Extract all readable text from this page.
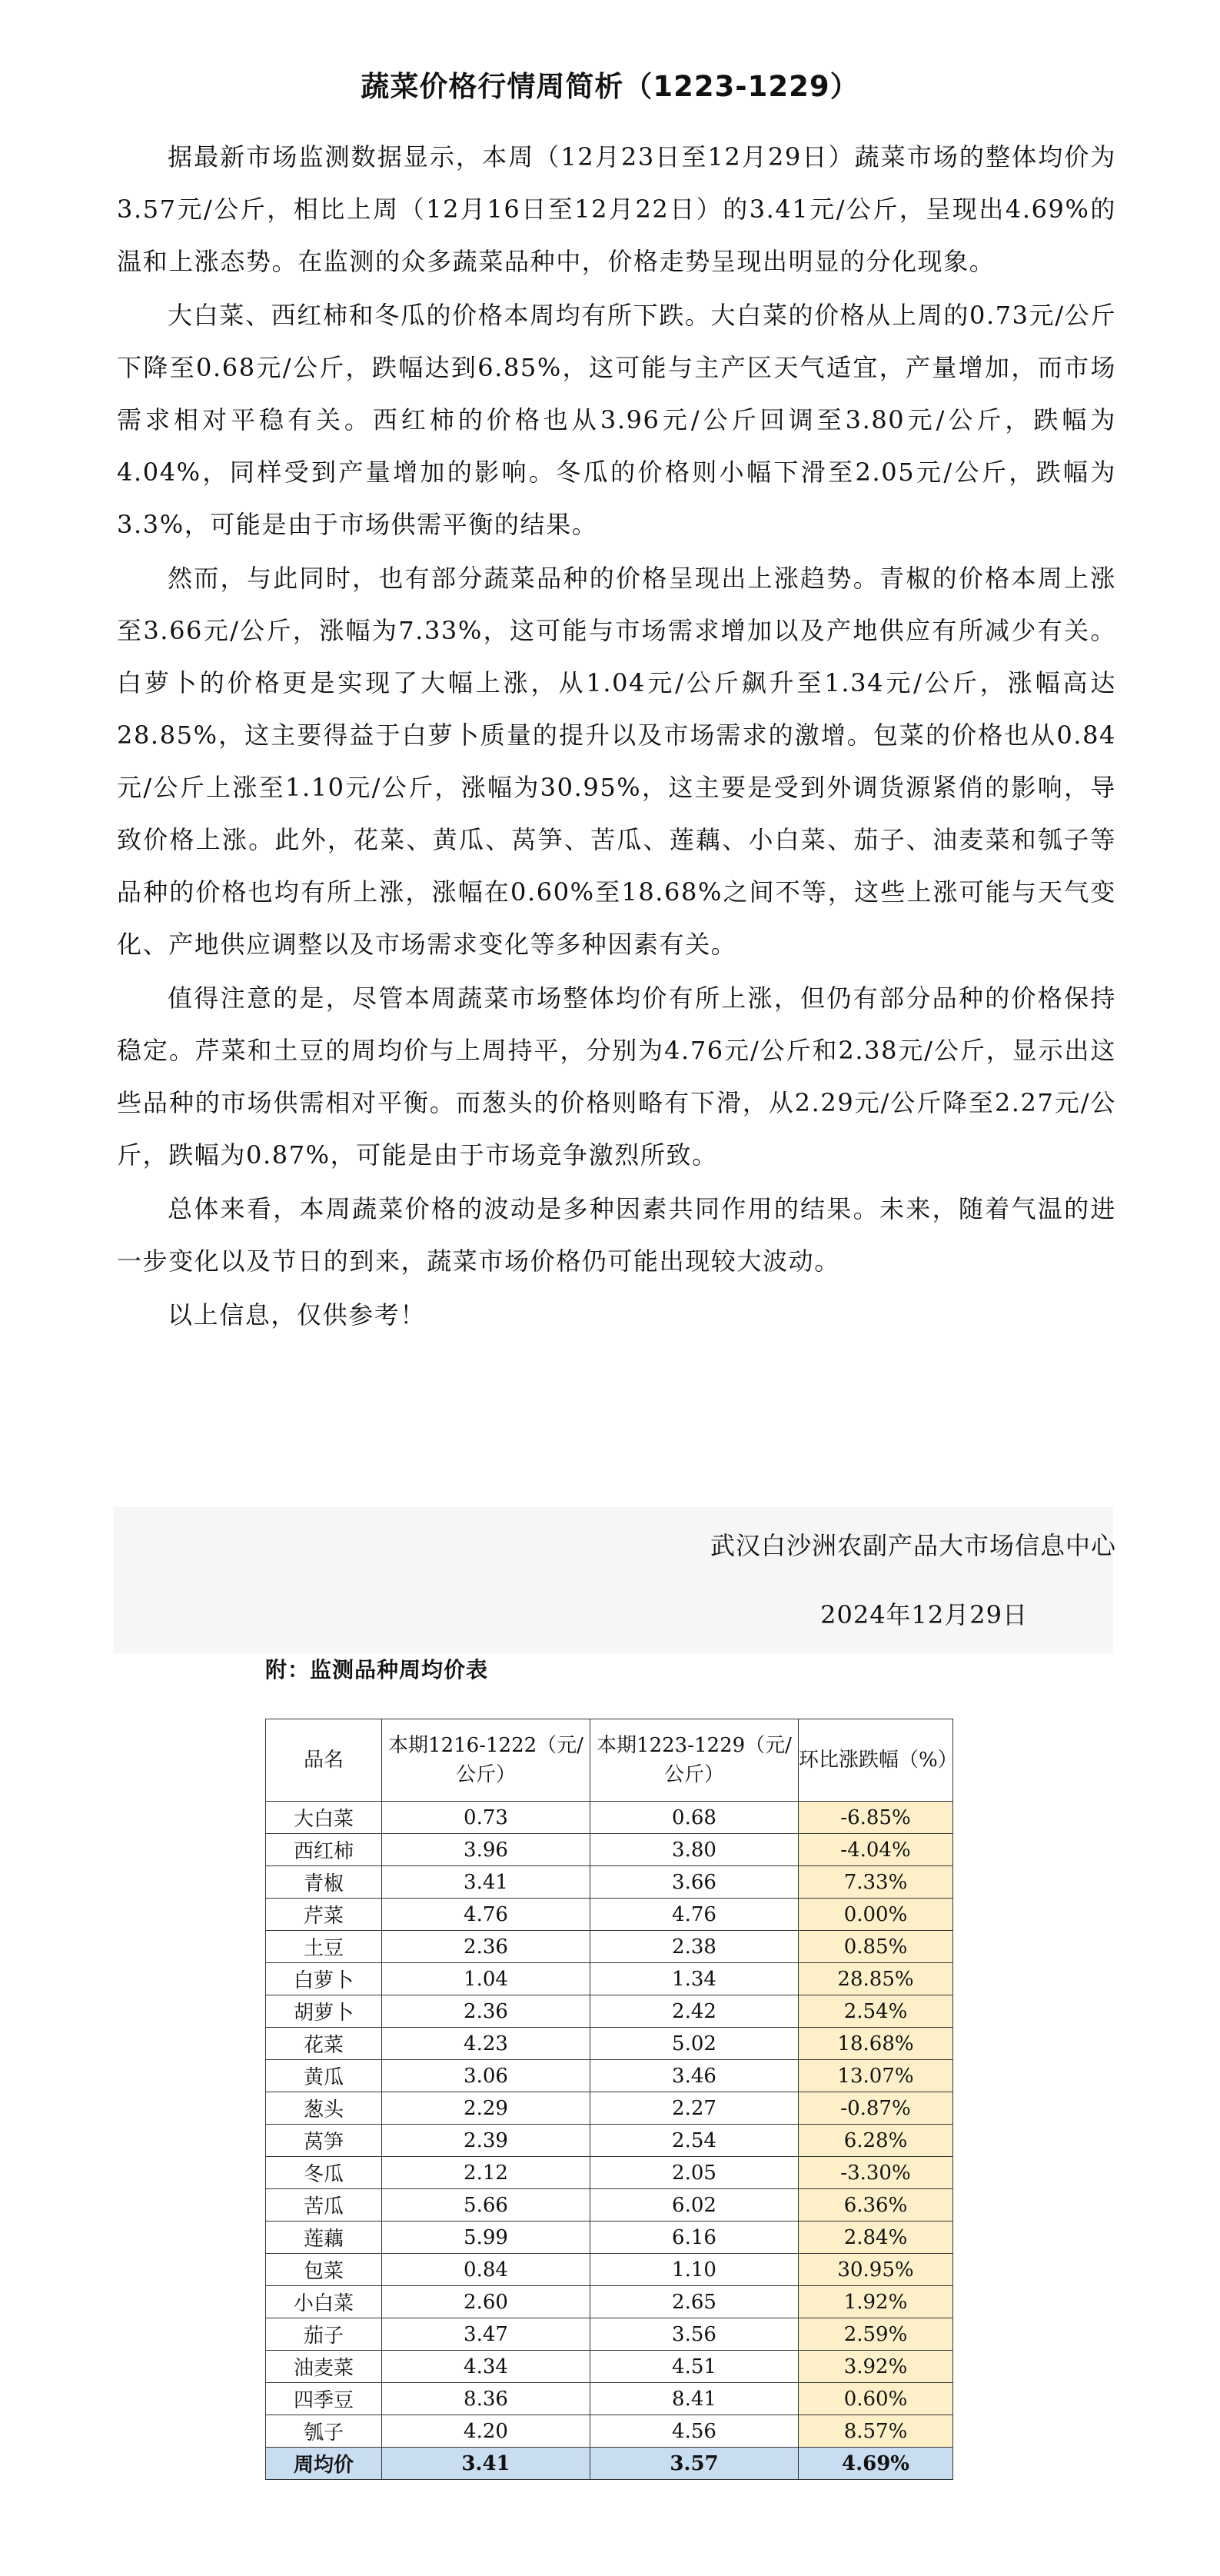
蔬菜价格行情周简析（1223-1229）

据最新市场监测数据显示，本周（12月23日至12月29日）蔬菜市场的整体均价为3.57元/公斤，相比上周（12月16日至12月22日）的3.41元/公斤，呈现出4.69%的温和上涨态势。在监测的众多蔬菜品种中，价格走势呈现出明显的分化现象。

大白菜、西红柿和冬瓜的价格本周均有所下跌。大白菜的价格从上周的0.73元/公斤下降至0.68元/公斤，跌幅达到6.85%，这可能与主产区天气适宜，产量增加，而市场需求相对平稳有关。西红柿的价格也从3.96元/公斤回调至3.80元/公斤，跌幅为4.04%，同样受到产量增加的影响。冬瓜的价格则小幅下滑至2.05元/公斤，跌幅为3.3%，可能是由于市场供需平衡的结果。

然而，与此同时，也有部分蔬菜品种的价格呈现出上涨趋势。青椒的价格本周上涨至3.66元/公斤，涨幅为7.33%，这可能与市场需求增加以及产地供应有所减少有关。白萝卜的价格更是实现了大幅上涨，从1.04元/公斤飙升至1.34元/公斤，涨幅高达28.85%，这主要得益于白萝卜质量的提升以及市场需求的激增。包菜的价格也从0.84元/公斤上涨至1.10元/公斤，涨幅为30.95%，这主要是受到外调货源紧俏的影响，导致价格上涨。此外，花菜、黄瓜、莴笋、苦瓜、莲藕、小白菜、茄子、油麦菜和瓠子等品种的价格也均有所上涨，涨幅在0.60%至18.68%之间不等，这些上涨可能与天气变化、产地供应调整以及市场需求变化等多种因素有关。

值得注意的是，尽管本周蔬菜市场整体均价有所上涨，但仍有部分品种的价格保持稳定。芹菜和土豆的周均价与上周持平，分别为4.76元/公斤和2.38元/公斤，显示出这些品种的市场供需相对平衡。而葱头的价格则略有下滑，从2.29元/公斤降至2.27元/公斤，跌幅为0.87%，可能是由于市场竞争激烈所致。

总体来看，本周蔬菜价格的波动是多种因素共同作用的结果。未来，随着气温的进一步变化以及节日的到来，蔬菜市场价格仍可能出现较大波动。

以上信息，仅供参考！

武汉白沙洲农副产品大市场信息中心
2024年12月29日
附：监测品种周均价表
品名	本期1216-1222（元/公斤）	本期1223-1229（元/公斤）	环比涨跌幅（%）
大白菜	0.73	0.68	-6.85%
西红柿	3.96	3.80	-4.04%
青椒	3.41	3.66	7.33%
芹菜	4.76	4.76	0.00%
土豆	2.36	2.38	0.85%
白萝卜	1.04	1.34	28.85%
胡萝卜	2.36	2.42	2.54%
花菜	4.23	5.02	18.68%
黄瓜	3.06	3.46	13.07%
葱头	2.29	2.27	-0.87%
莴笋	2.39	2.54	6.28%
冬瓜	2.12	2.05	-3.30%
苦瓜	5.66	6.02	6.36%
莲藕	5.99	6.16	2.84%
包菜	0.84	1.10	30.95%
小白菜	2.60	2.65	1.92%
茄子	3.47	3.56	2.59%
油麦菜	4.34	4.51	3.92%
四季豆	8.36	8.41	0.60%
瓠子	4.20	4.56	8.57%
周均价	3.41	3.57	4.69%
